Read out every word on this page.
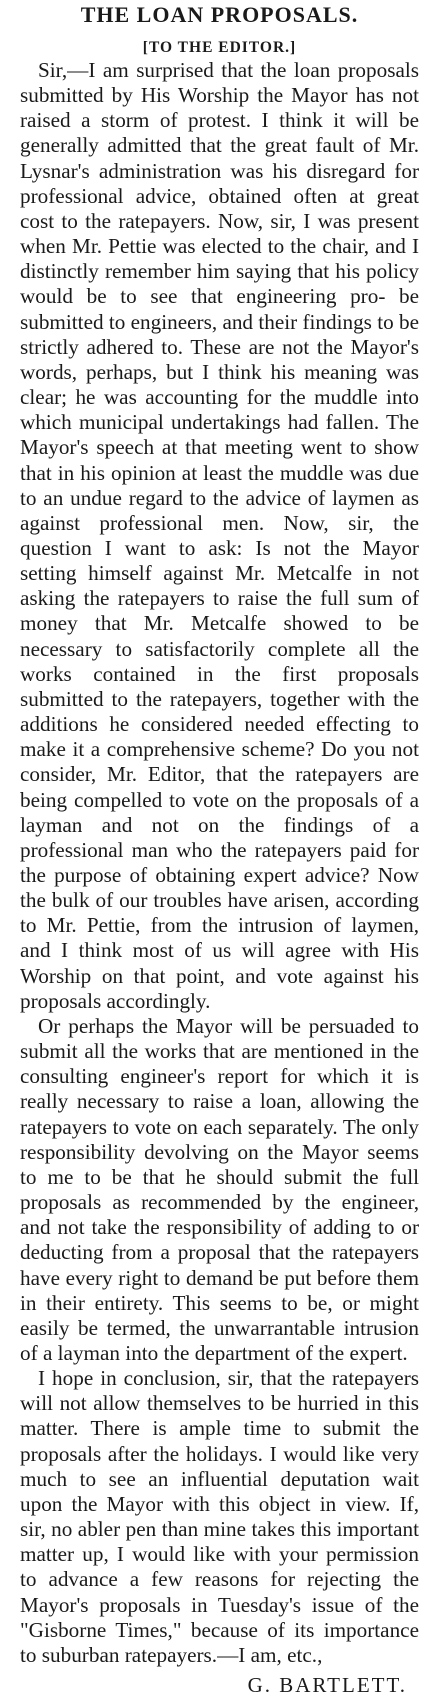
THE LOAN PROPOSALS.
[TO THE EDITOR.]

Sir,—I am surprised that the loan proposals submitted by His Worship the Mayor has not raised a storm of protest. I think it will be generally admitted that the great fault of Mr. Lysnar's administration was his disregard for professional advice, obtained often at great cost to the ratepayers. Now, sir, I was present when Mr. Pettie was elected to the chair, and I distinctly remember him saying that his policy would be to see that engineering pro- be submitted to engineers, and their findings to be strictly adhered to. These are not the Mayor's words, perhaps, but I think his meaning was clear; he was accounting for the muddle into which municipal undertakings had fallen. The Mayor's speech at that meeting went to show that in his opinion at least the muddle was due to an undue regard to the advice of laymen as against professional men. Now, sir, the question I want to ask: Is not the Mayor setting himself against Mr. Metcalfe in not asking the ratepayers to raise the full sum of money that Mr. Metcalfe showed to be necessary to satisfactorily complete all the works contained in the first proposals submitted to the ratepayers, together with the additions he considered needed effecting to make it a comprehensive scheme? Do you not consider, Mr. Editor, that the ratepayers are being compelled to vote on the proposals of a layman and not on the findings of a professional man who the ratepayers paid for the purpose of obtaining expert advice? Now the bulk of our troubles have arisen, according to Mr. Pettie, from the intrusion of laymen, and I think most of us will agree with His Worship on that point, and vote against his proposals accordingly.

Or perhaps the Mayor will be persuaded to submit all the works that are mentioned in the consulting engineer's report for which it is really necessary to raise a loan, allowing the ratepayers to vote on each separately. The only responsibility devolving on the Mayor seems to me to be that he should submit the full proposals as recommended by the engineer, and not take the responsibility of adding to or deducting from a proposal that the ratepayers have every right to demand be put before them in their entirety. This seems to be, or might easily be termed, the unwarrantable intrusion of a layman into the department of the expert.

I hope in conclusion, sir, that the ratepayers will not allow themselves to be hurried in this matter. There is ample time to submit the proposals after the holidays. I would like very much to see an influential deputation wait upon the Mayor with this object in view. If, sir, no abler pen than mine takes this important matter up, I would like with your permission to advance a few reasons for rejecting the Mayor's proposals in Tuesday's issue of the "Gisborne Times," because of its importance to suburban ratepayers.—I am, etc.,

G. BARTLETT.
